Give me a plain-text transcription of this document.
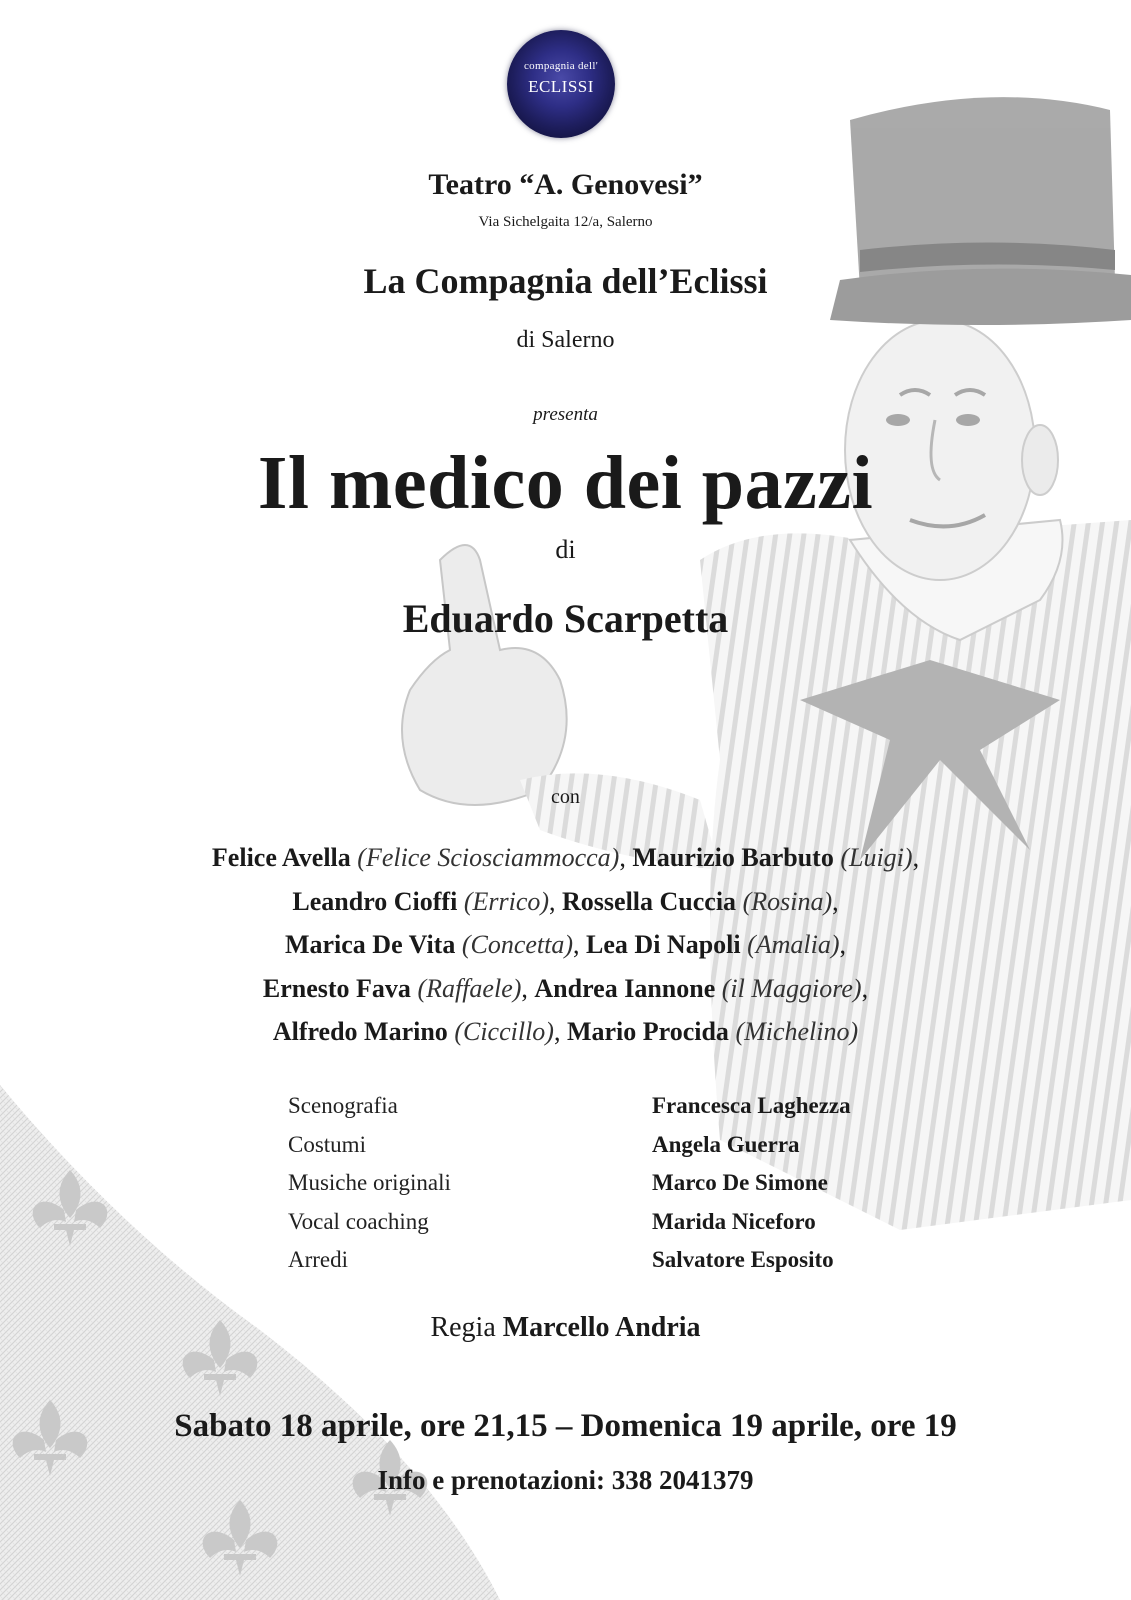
compagnia dell'
eclissi
Teatro “A. Genovesi”
Via Sichelgaita 12/a, Salerno
La Compagnia dell’Eclissi
di Salerno
presenta
Il medico dei pazzi
di
Eduardo Scarpetta
con
Felice Avella (Felice Sciosciammocca), Maurizio Barbuto (Luigi),
Leandro Cioffi (Errico), Rossella Cuccia (Rosina),
Marica De Vita (Concetta), Lea Di Napoli (Amalia),
Ernesto Fava (Raffaele), Andrea Iannone (il Maggiore),
Alfredo Marino (Ciccillo), Mario Procida (Michelino)
Scenografia	Francesca Laghezza
Costumi	Angela Guerra
Musiche originali	Marco De Simone
Vocal coaching	Marida Niceforo
Arredi	Salvatore Esposito
Regia Marcello Andria
Sabato 18 aprile, ore 21,15 – Domenica 19 aprile, ore 19
Info e prenotazioni: 338 2041379
